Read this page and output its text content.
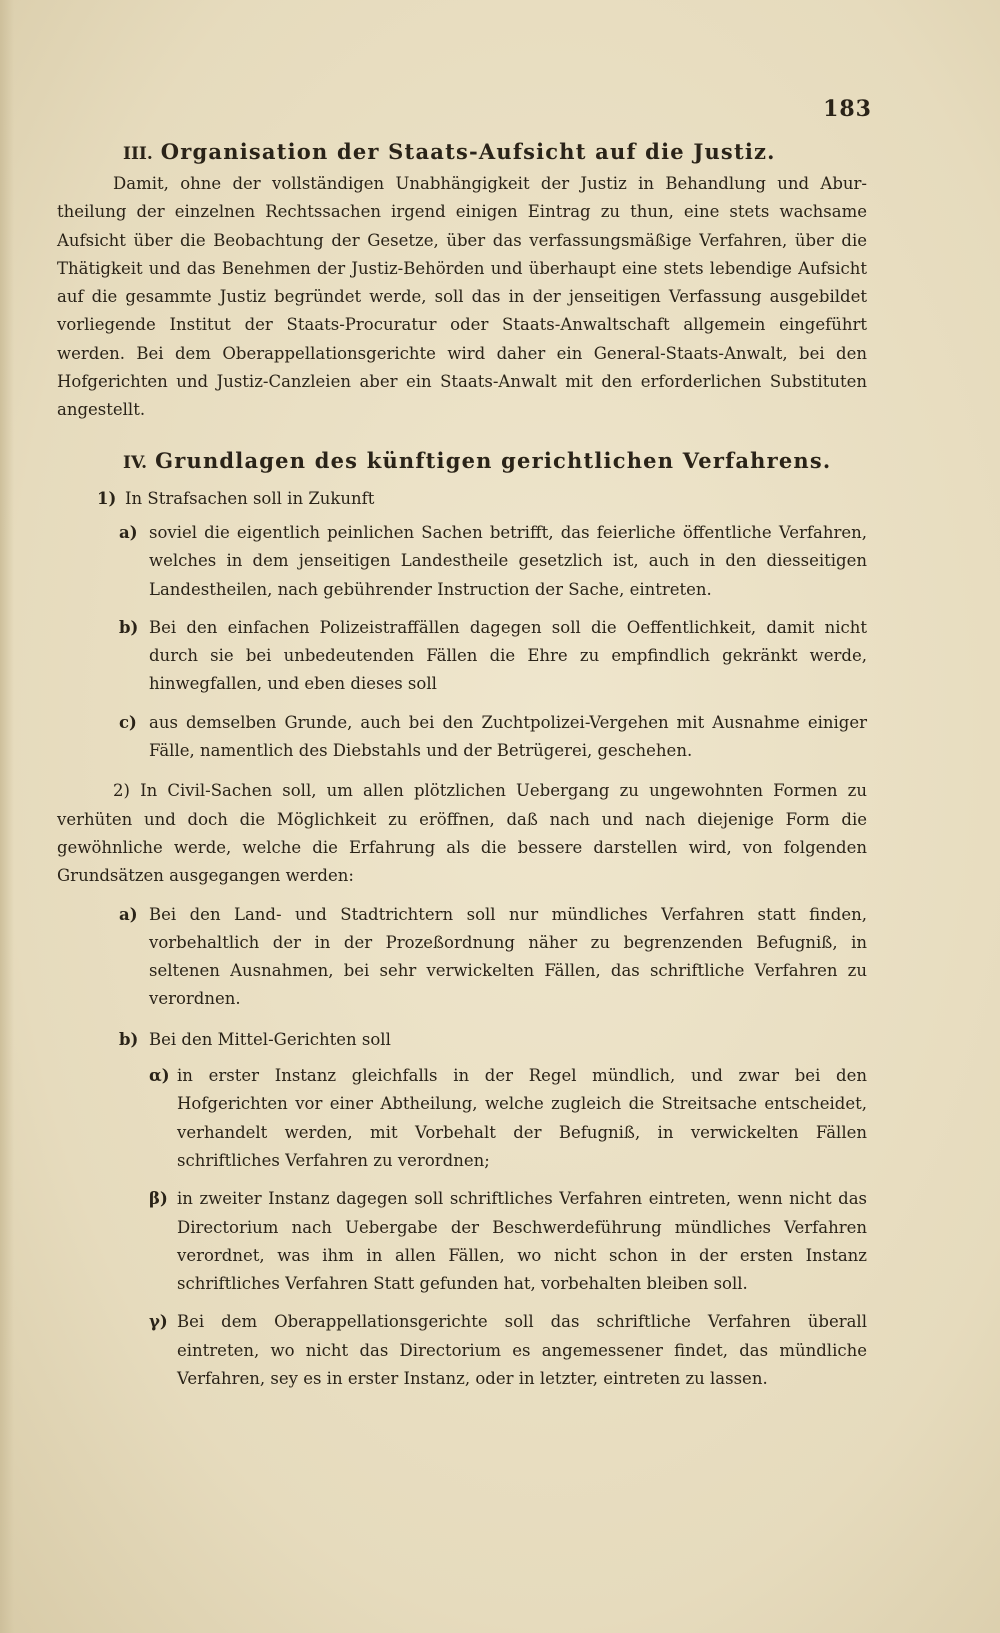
183
III. Organisation der Staats-Aufsicht auf die Justiz.

Damit, ohne der vollständigen Unabhängigkeit der Justiz in Behandlung und Abur-theilung der einzelnen Rechtssachen irgend einigen Eintrag zu thun, eine stets wachsame Aufsicht über die Beobachtung der Gesetze, über das verfassungsmäßige Verfahren, über die Thätigkeit und das Benehmen der Justiz-Behörden und überhaupt eine stets lebendige Aufsicht auf die gesammte Justiz begründet werde, soll das in der jenseitigen Verfassung ausgebildet vorliegende Institut der Staats-Procuratur oder Staats-Anwaltschaft allgemein eingeführt werden. Bei dem Oberappellationsgerichte wird daher ein General-Staats-Anwalt, bei den Hofgerichten und Justiz-Canzleien aber ein Staats-Anwalt mit den erforderlichen Substituten angestellt.

IV. Grundlagen des künftigen gerichtlichen Verfahrens.
1) In Strafsachen soll in Zukunft
a) soviel die eigentlich peinlichen Sachen betrifft, das feierliche öffentliche Verfahren, welches in dem jenseitigen Landestheile gesetzlich ist, auch in den diesseitigen Landestheilen, nach gebührender Instruction der Sache, eintreten.
b) Bei den einfachen Polizeistraffällen dagegen soll die Oeffentlichkeit, damit nicht durch sie bei unbedeutenden Fällen die Ehre zu empfindlich gekränkt werde, hinwegfallen, und eben dieses soll
c) aus demselben Grunde, auch bei den Zuchtpolizei-Vergehen mit Ausnahme einiger Fälle, namentlich des Diebstahls und der Betrügerei, geschehen.

2) In Civil-Sachen soll, um allen plötzlichen Uebergang zu ungewohnten Formen zu verhüten und doch die Möglichkeit zu eröffnen, daß nach und nach diejenige Form die gewöhnliche werde, welche die Erfahrung als die bessere darstellen wird, von folgenden Grundsätzen ausgegangen werden:

a) Bei den Land- und Stadtrichtern soll nur mündliches Verfahren statt finden, vorbehaltlich der in der Prozeßordnung näher zu begrenzenden Befugniß, in seltenen Ausnahmen, bei sehr verwickelten Fällen, das schriftliche Verfahren zu verordnen.
b) Bei den Mittel-Gerichten soll
α) in erster Instanz gleichfalls in der Regel mündlich, und zwar bei den Hofgerichten vor einer Abtheilung, welche zugleich die Streitsache entscheidet, verhandelt werden, mit Vorbehalt der Befugniß, in verwickelten Fällen schriftliches Verfahren zu verordnen;
β) in zweiter Instanz dagegen soll schriftliches Verfahren eintreten, wenn nicht das Directorium nach Uebergabe der Beschwerdeführung mündliches Verfahren verordnet, was ihm in allen Fällen, wo nicht schon in der ersten Instanz schriftliches Verfahren Statt gefunden hat, vorbehalten bleiben soll.
γ) Bei dem Oberappellationsgerichte soll das schriftliche Verfahren überall eintreten, wo nicht das Directorium es angemessener findet, das mündliche Verfahren, sey es in erster Instanz, oder in letzter, eintreten zu lassen.
